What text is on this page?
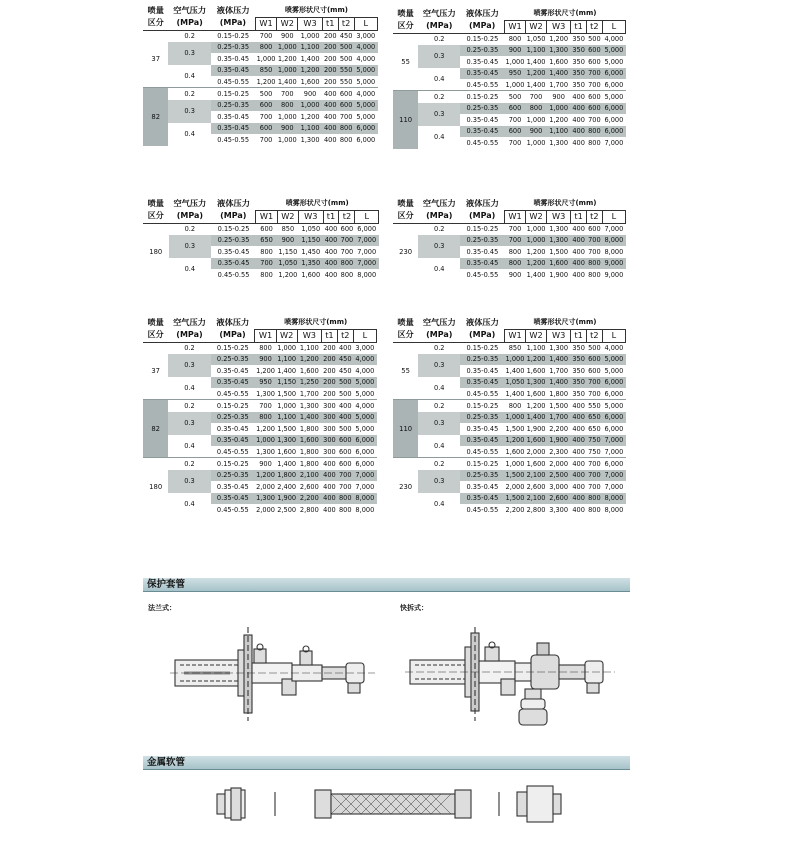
喷量	空气压力	液体压力	喷雾形状尺寸(mm)					
区分	(MPa)	(MPa)	W1	W2	W3	t1	t2	L
37	0.2	0.15-0.25	700	900	1,000	200	450	3,000
	0.3	0.25-0.35	800	1,000	1,100	200	500	4,000
		0.35-0.45	1,000	1,200	1,400	200	500	4,000
	0.4	0.35-0.45	850	1,000	1,200	200	550	5,000
		0.45-0.55	1,200	1,400	1,600	200	550	5,000
82	0.2	0.15-0.25	500	700	900	400	600	4,000
	0.3	0.25-0.35	600	800	1,000	400	600	5,000
		0.35-0.45	700	1,000	1,200	400	700	5,000
	0.4	0.35-0.45	600	900	1,100	400	800	6,000
		0.45-0.55	700	1,000	1,300	400	800	6,000
喷量	空气压力	液体压力	喷雾形状尺寸(mm)					
区分	(MPa)	(MPa)	W1	W2	W3	t1	t2	L
55	0.2	0.15-0.25	800	1,050	1,200	350	500	4,000
	0.3	0.25-0.35	900	1,100	1,300	350	600	5,000
		0.35-0.45	1,000	1,400	1,600	350	600	5,000
	0.4	0.35-0.45	950	1,200	1,400	350	700	6,000
		0.45-0.55	1,000	1,400	1,700	350	700	6,000
110	0.2	0.15-0.25	500	700	900	400	600	5,000
	0.3	0.25-0.35	600	800	1,000	400	600	6,000
		0.35-0.45	700	1,000	1,200	400	700	6,000
	0.4	0.35-0.45	600	900	1,100	400	800	6,000
		0.45-0.55	700	1,000	1,300	400	800	7,000
喷量	空气压力	液体压力	喷雾形状尺寸(mm)					
区分	(MPa)	(MPa)	W1	W2	W3	t1	t2	L
180	0.2	0.15-0.25	600	850	1,050	400	600	6,000
	0.3	0.25-0.35	650	900	1,150	400	700	7,000
		0.35-0.45	800	1,150	1,450	400	700	7,000
	0.4	0.35-0.45	700	1,050	1,350	400	800	7,000
		0.45-0.55	800	1,200	1,600	400	800	8,000
喷量	空气压力	液体压力	喷雾形状尺寸(mm)					
区分	(MPa)	(MPa)	W1	W2	W3	t1	t2	L
230	0.2	0.15-0.25	700	1,000	1,300	400	600	7,000
	0.3	0.25-0.35	700	1,000	1,300	400	700	8,000
		0.35-0.45	800	1,200	1,500	400	700	8,000
	0.4	0.35-0.45	800	1,200	1,600	400	800	9,000
		0.45-0.55	900	1,400	1,900	400	800	9,000
喷量	空气压力	液体压力	喷雾形状尺寸(mm)					
区分	(MPa)	(MPa)	W1	W2	W3	t1	t2	L
37	0.2	0.15-0.25	800	1,000	1,100	200	400	3,000
	0.3	0.25-0.35	900	1,100	1,200	200	450	4,000
		0.35-0.45	1,200	1,400	1,600	200	450	4,000
	0.4	0.35-0.45	950	1,150	1,250	200	500	5,000
		0.45-0.55	1,300	1,500	1,700	200	500	5,000
82	0.2	0.15-0.25	700	1,000	1,300	300	400	4,000
	0.3	0.25-0.35	800	1,100	1,400	300	400	5,000
		0.35-0.45	1,200	1,500	1,800	300	500	5,000
	0.4	0.35-0.45	1,000	1,300	1,600	300	600	6,000
		0.45-0.55	1,300	1,600	1,800	300	600	6,000
180	0.2	0.15-0.25	900	1,400	1,800	400	600	6,000
	0.3	0.25-0.35	1,200	1,800	2,100	400	700	7,000
		0.35-0.45	2,000	2,400	2,600	400	700	7,000
	0.4	0.35-0.45	1,300	1,900	2,200	400	800	8,000
		0.45-0.55	2,000	2,500	2,800	400	800	8,000
喷量	空气压力	液体压力	喷雾形状尺寸(mm)					
区分	(MPa)	(MPa)	W1	W2	W3	t1	t2	L
55	0.2	0.15-0.25	850	1,100	1,300	350	500	4,000
	0.3	0.25-0.35	1,000	1,200	1,400	350	600	5,000
		0.35-0.45	1,400	1,600	1,700	350	600	5,000
	0.4	0.35-0.45	1,050	1,300	1,400	350	700	6,000
		0.45-0.55	1,400	1,600	1,800	350	700	6,000
110	0.2	0.15-0.25	800	1,200	1,500	400	550	5,000
	0.3	0.25-0.35	1,000	1,400	1,700	400	650	6,000
		0.35-0.45	1,500	1,900	2,200	400	650	6,000
	0.4	0.35-0.45	1,200	1,600	1,900	400	750	7,000
		0.45-0.55	1,600	2,000	2,300	400	750	7,000
230	0.2	0.15-0.25	1,000	1,600	2,000	400	700	6,000
	0.3	0.25-0.35	1,500	2,100	2,500	400	700	7,000
		0.35-0.45	2,000	2,600	3,000	400	700	7,000
	0.4	0.35-0.45	1,500	2,100	2,600	400	800	8,000
		0.45-0.55	2,200	2,800	3,300	400	800	8,000
保护套管
法兰式：	快拆式：
金属软管
